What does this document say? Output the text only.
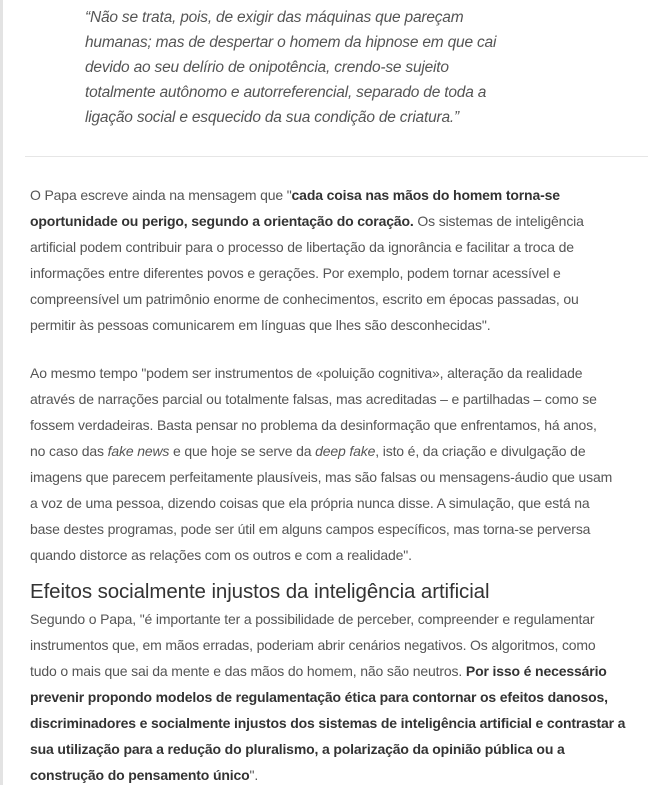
“Não se trata, pois, de exigir das máquinas que pareçam
humanas; mas de despertar o homem da hipnose em que cai
devido ao seu delírio de onipotência, crendo-se sujeito
totalmente autônomo e autorreferencial, separado de toda a
ligação social e esquecido da sua condição de criatura.”
O Papa escreve ainda na mensagem que "cada coisa nas mãos do homem torna-se
oportunidade ou perigo, segundo a orientação do coração. Os sistemas de inteligência
artificial podem contribuir para o processo de libertação da ignorância e facilitar a troca de
informações entre diferentes povos e gerações. Por exemplo, podem tornar acessível e
compreensível um patrimônio enorme de conhecimentos, escrito em épocas passadas, ou
permitir às pessoas comunicarem em línguas que lhes são desconhecidas".
Ao mesmo tempo "podem ser instrumentos de «poluição cognitiva», alteração da realidade
através de narrações parcial ou totalmente falsas, mas acreditadas – e partilhadas – como se
fossem verdadeiras. Basta pensar no problema da desinformação que enfrentamos, há anos,
no caso das fake news e que hoje se serve da deep fake, isto é, da criação e divulgação de
imagens que parecem perfeitamente plausíveis, mas são falsas ou mensagens-áudio que usam
a voz de uma pessoa, dizendo coisas que ela própria nunca disse. A simulação, que está na
base destes programas, pode ser útil em alguns campos específicos, mas torna-se perversa
quando distorce as relações com os outros e com a realidade".
Efeitos socialmente injustos da inteligência artificial
Segundo o Papa, "é importante ter a possibilidade de perceber, compreender e regulamentar
instrumentos que, em mãos erradas, poderiam abrir cenários negativos. Os algoritmos, como
tudo o mais que sai da mente e das mãos do homem, não são neutros. Por isso é necessário
prevenir propondo modelos de regulamentação ética para contornar os efeitos danosos,
discriminadores e socialmente injustos dos sistemas de inteligência artificial e contrastar a
sua utilização para a redução do pluralismo, a polarização da opinião pública ou a
construção do pensamento único".
